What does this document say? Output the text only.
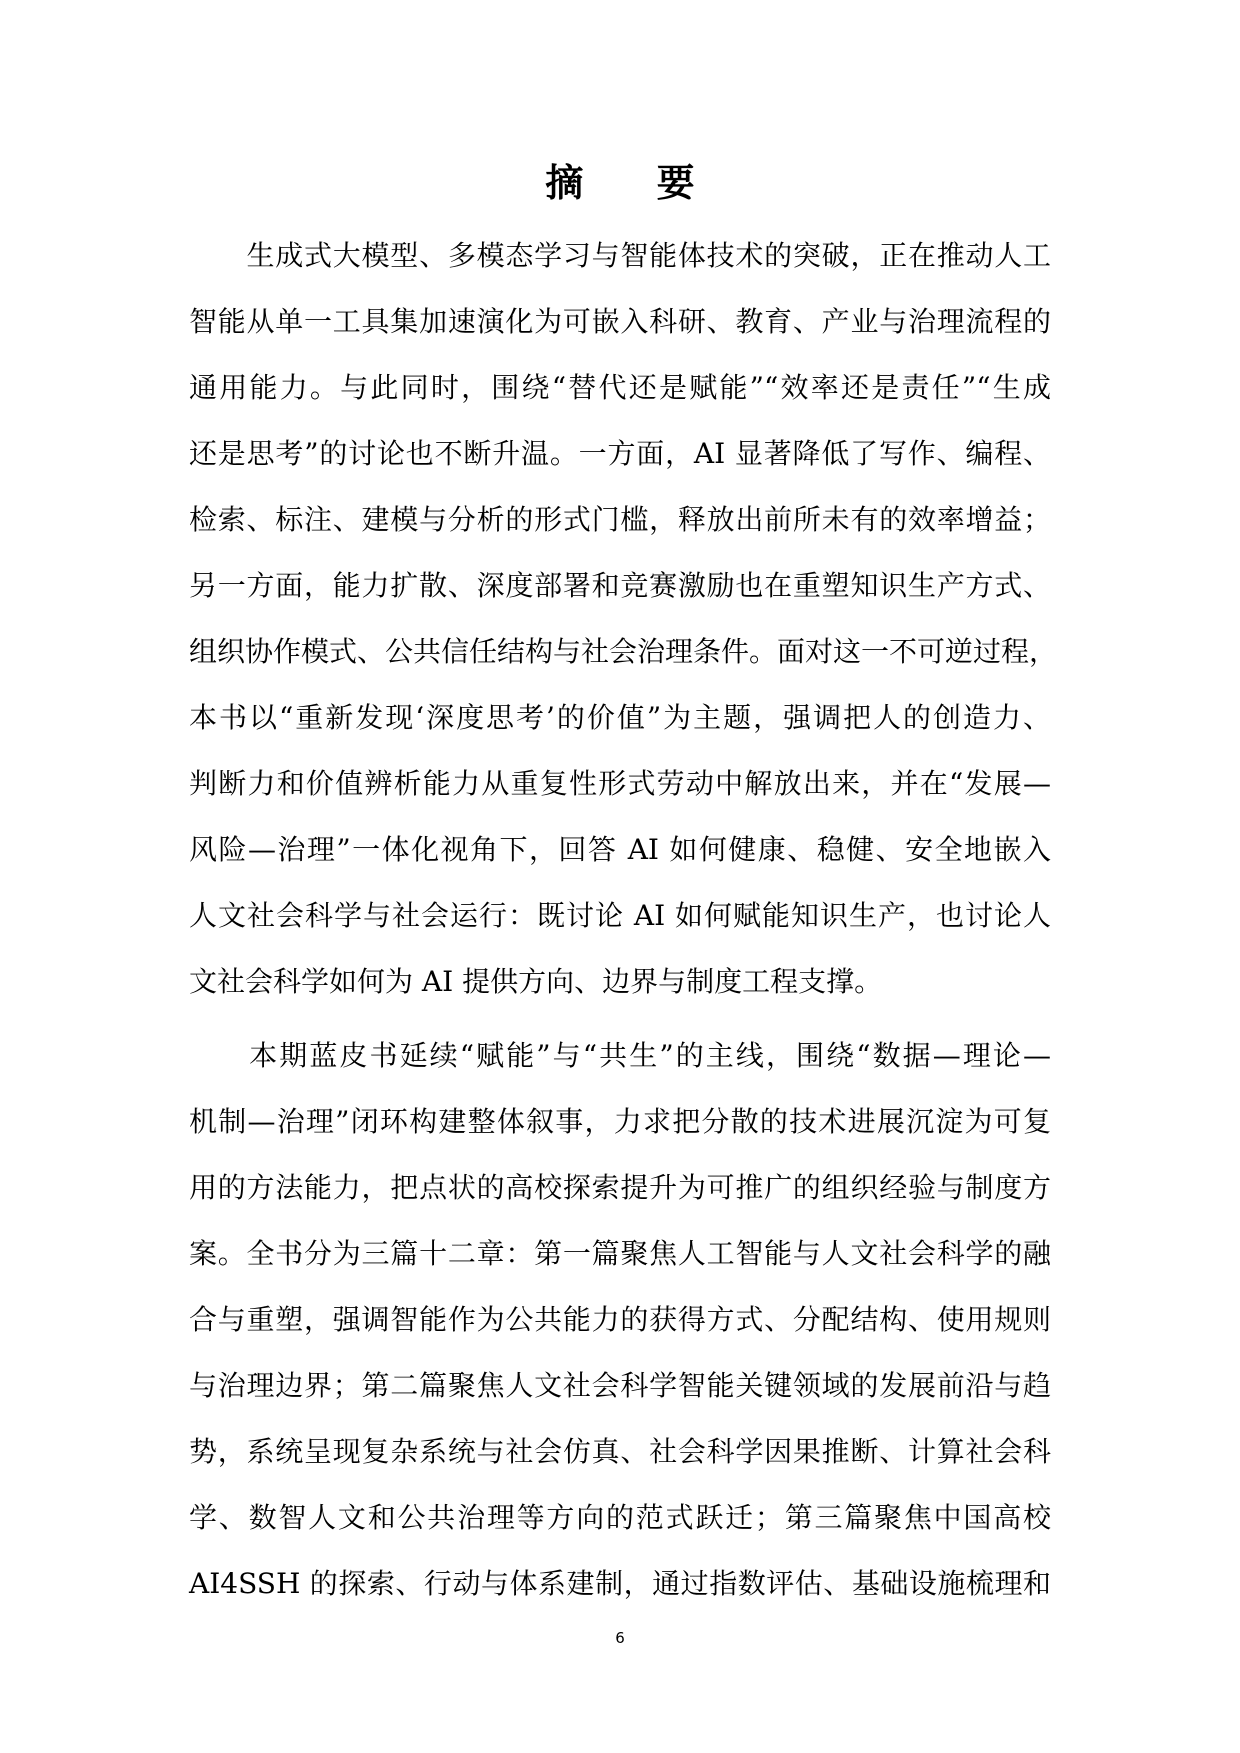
摘 要
　　生成式大模型、多模态学习与智能体技术的突破，正在推动人工
智能从单一工具集加速演化为可嵌入科研、教育、产业与治理流程的
通用能力。与此同时，围绕“替代还是赋能”“效率还是责任”“生成
还是思考”的讨论也不断升温。一方面，AI 显著降低了写作、编程、
检索、标注、建模与分析的形式门槛，释放出前所未有的效率增益；
另一方面，能力扩散、深度部署和竞赛激励也在重塑知识生产方式、
组织协作模式、公共信任结构与社会治理条件。面对这一不可逆过程，
本书以“重新发现‘深度思考’的价值”为主题，强调把人的创造力、
判断力和价值辨析能力从重复性形式劳动中解放出来，并在“发展—
风险—治理”一体化视角下，回答 AI 如何健康、稳健、安全地嵌入
人文社会科学与社会运行：既讨论 AI 如何赋能知识生产，也讨论人
文社会科学如何为 AI 提供方向、边界与制度工程支撑。
　　本期蓝皮书延续“赋能”与“共生”的主线，围绕“数据—理论—
机制—治理”闭环构建整体叙事，力求把分散的技术进展沉淀为可复
用的方法能力，把点状的高校探索提升为可推广的组织经验与制度方
案。全书分为三篇十二章：第一篇聚焦人工智能与人文社会科学的融
合与重塑，强调智能作为公共能力的获得方式、分配结构、使用规则
与治理边界；第二篇聚焦人文社会科学智能关键领域的发展前沿与趋
势，系统呈现复杂系统与社会仿真、社会科学因果推断、计算社会科
学、数智人文和公共治理等方向的范式跃迁；第三篇聚焦中国高校
AI4SSH 的探索、行动与体系建制，通过指数评估、基础设施梳理和
6
